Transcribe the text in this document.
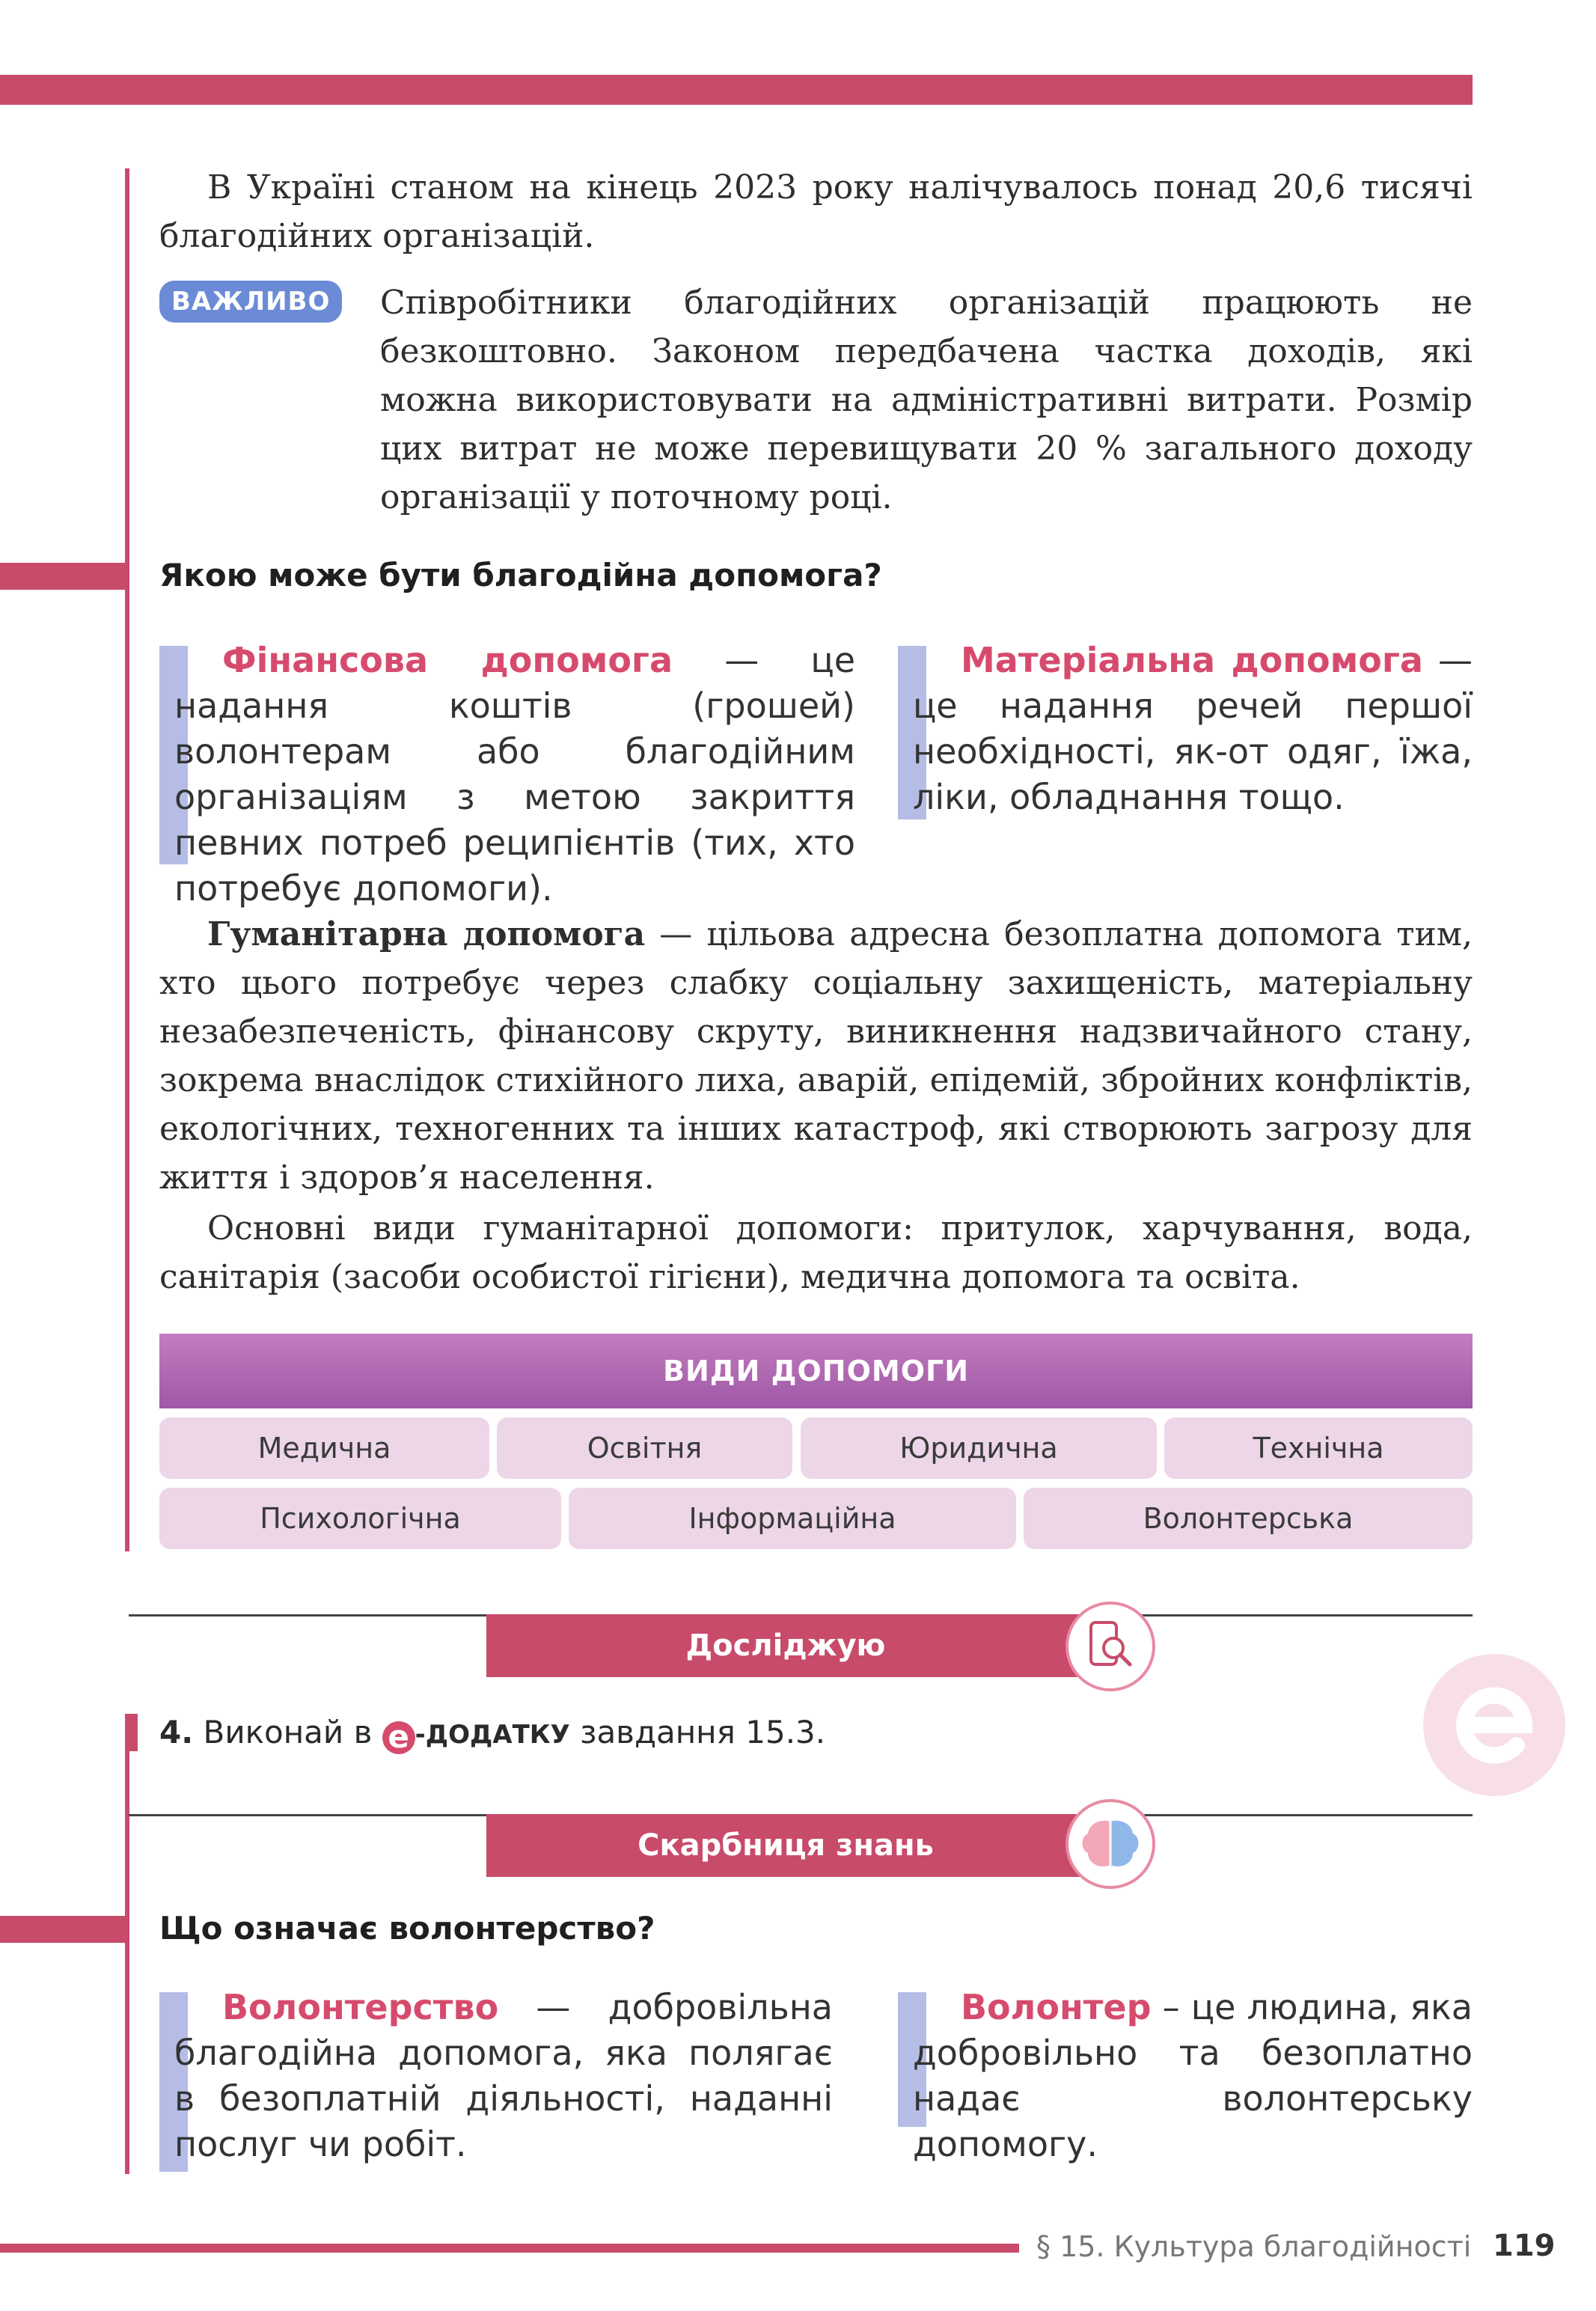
В Україні станом на кінець 2023 року налічувалось понад 20,6 тисячі благодійних організацій.

ВАЖЛИВО	Співробітники благодійних організацій працюють не безкоштовно. Законом передбачена частка доходів, які можна використовувати на адміністративні витрати. Розмір цих витрат не може перевищувати 20 % загального доходу організації у поточному році.

Якою може бути благодійна допомога?

Фінансова допомога — це надання коштів (грошей) волонтерам або благодійним організаціям з метою закриття певних потреб реципієнтів (тих, хто потребує допомоги).

Матеріальна допомога — це надання речей першої необхідності, як-от одяг, їжа, ліки, обладнання тощо.

Гуманітарна допомога — цільова адресна безоплатна допомога тим, хто цього потребує через слабку соціальну захищеність, матеріальну незабезпеченість, фінансову скруту, виникнення надзвичайного стану, зокрема внаслідок стихійного лиха, аварій, епідемій, збройних конфліктів, екологічних, техногенних та інших катастроф, які створюють загрозу для життя і здоров’я населення.

Основні види гуманітарної допомоги: притулок, харчування, вода, санітарія (засоби особистої гігієни), медична допомога та освіта.

ВИДИ ДОПОМОГИ
Медична	Освітня	Юридична	Технічна
Психологічна	Інформаційна	Волонтерська
Досліджую
4. Виконай в e -ДОДАТКУ завдання 15.3.
Скарбниця знань

Що означає волонтерство?

Волонтерство — добровільна благодійна допомога, яка полягає в безоплатній діяльності, наданні послуг чи робіт.

Волонтер – це людина, яка добровільно та безоплатно надає волонтерську допомогу.

§ 15. Культура благодійності 119
